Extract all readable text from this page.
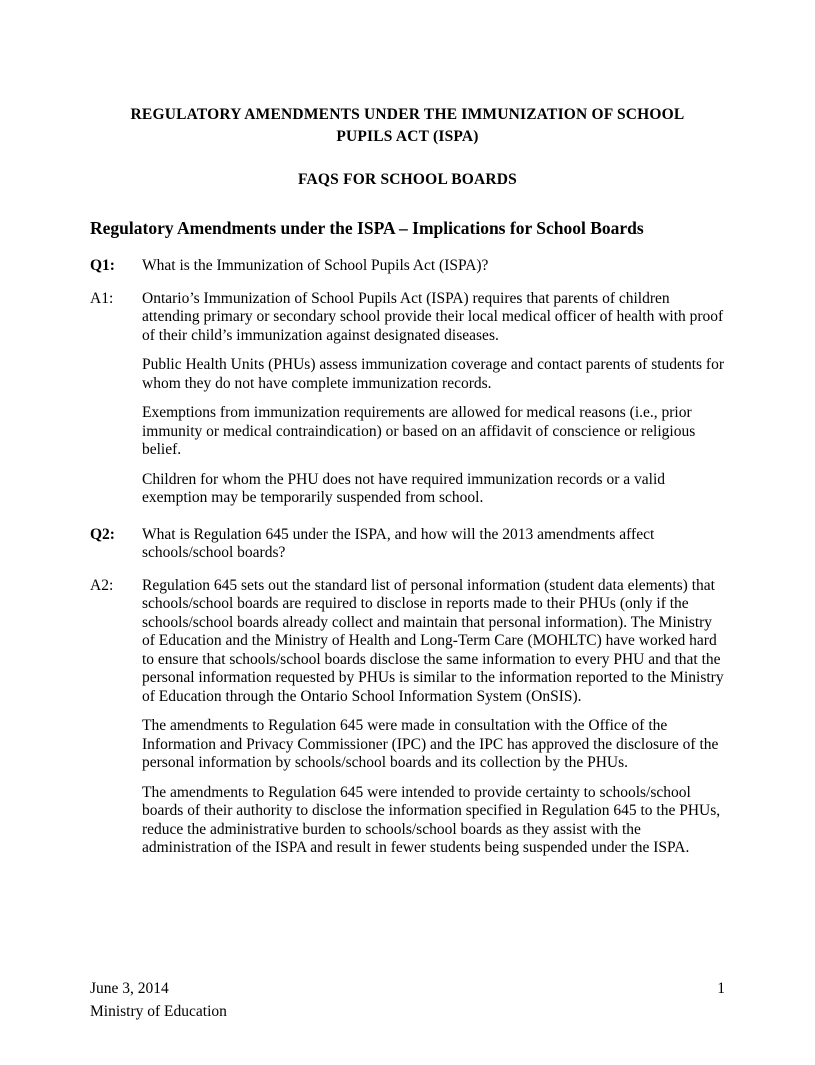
REGULATORY AMENDMENTS UNDER THE IMMUNIZATION OF SCHOOL PUPILS ACT (ISPA)
FAQS FOR SCHOOL BOARDS
Regulatory Amendments under the ISPA – Implications for School Boards
Q1:	What is the Immunization of School Pupils Act (ISPA)?

A1:	Ontario’s Immunization of School Pupils Act (ISPA) requires that parents of children attending primary or secondary school provide their local medical officer of health with proof of their child’s immunization against designated diseases.

Public Health Units (PHUs) assess immunization coverage and contact parents of students for whom they do not have complete immunization records.

Exemptions from immunization requirements are allowed for medical reasons (i.e., prior immunity or medical contraindication) or based on an affidavit of conscience or religious belief.

Children for whom the PHU does not have required immunization records or a valid exemption may be temporarily suspended from school.

Q2:	What is Regulation 645 under the ISPA, and how will the 2013 amendments affect schools/school boards?

A2:	Regulation 645 sets out the standard list of personal information (student data elements) that schools/school boards are required to disclose in reports made to their PHUs (only if the schools/school boards already collect and maintain that personal information). The Ministry of Education and the Ministry of Health and Long-Term Care (MOHLTC) have worked hard to ensure that schools/school boards disclose the same information to every PHU and that the personal information requested by PHUs is similar to the information reported to the Ministry of Education through the Ontario School Information System (OnSIS).

The amendments to Regulation 645 were made in consultation with the Office of the Information and Privacy Commissioner (IPC) and the IPC has approved the disclosure of the personal information by schools/school boards and its collection by the PHUs.

The amendments to Regulation 645 were intended to provide certainty to schools/school boards of their authority to disclose the information specified in Regulation 645 to the PHUs, reduce the administrative burden to schools/school boards as they assist with the administration of the ISPA and result in fewer students being suspended under the ISPA.

June 3, 2014
Ministry of Education
1
